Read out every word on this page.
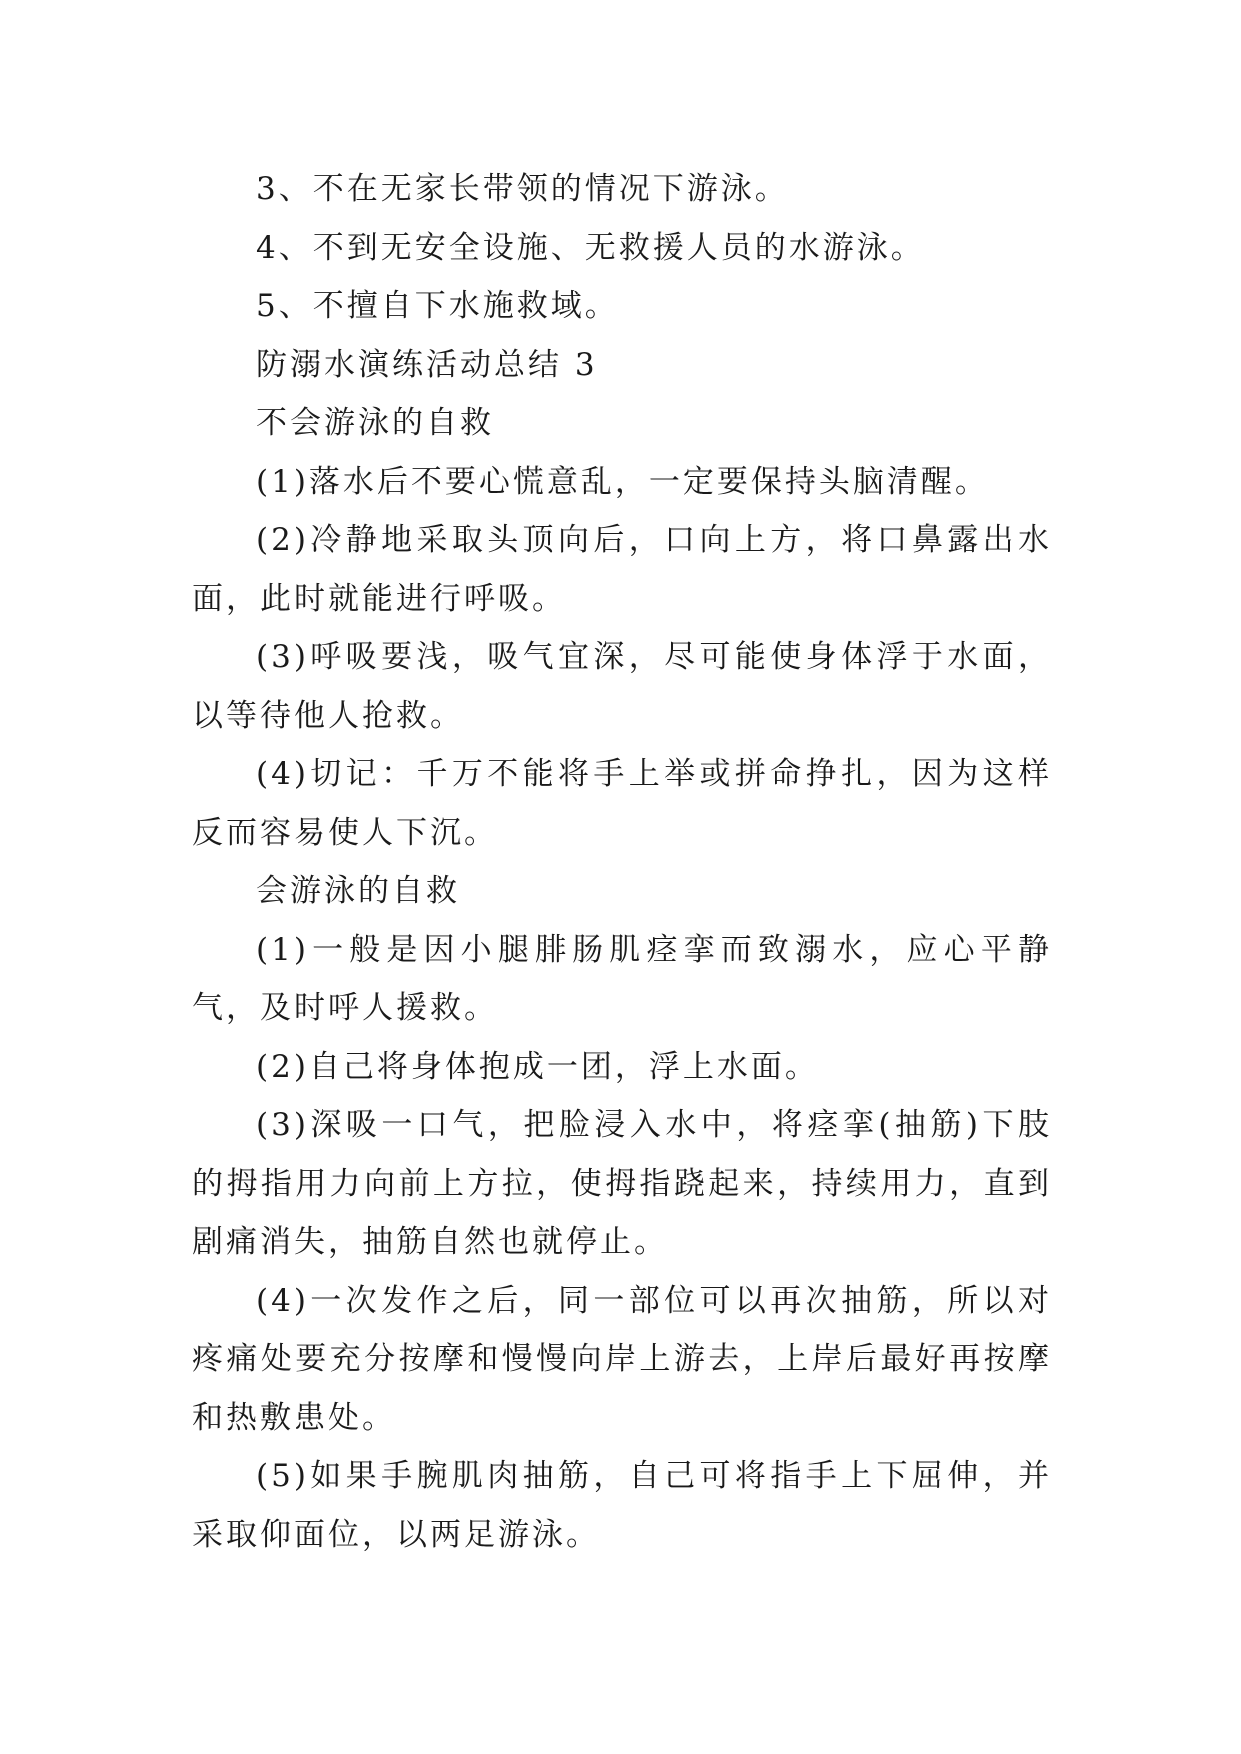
3、不在无家长带领的情况下游泳。

4、不到无安全设施、无救援人员的水游泳。

5、不擅自下水施救域。

防溺水演练活动总结 3

不会游泳的自救

(1)落水后不要心慌意乱，一定要保持头脑清醒。

(2)冷静地采取头顶向后，口向上方，将口鼻露出水面，此时就能进行呼吸。

(3)呼吸要浅，吸气宜深，尽可能使身体浮于水面，以等待他人抢救。

(4)切记：千万不能将手上举或拼命挣扎，因为这样反而容易使人下沉。

会游泳的自救

(1)一般是因小腿腓肠肌痉挛而致溺水，应心平静气，及时呼人援救。

(2)自己将身体抱成一团，浮上水面。

(3)深吸一口气，把脸浸入水中，将痉挛(抽筋)下肢的拇指用力向前上方拉，使拇指跷起来，持续用力，直到剧痛消失，抽筋自然也就停止。

(4)一次发作之后，同一部位可以再次抽筋，所以对疼痛处要充分按摩和慢慢向岸上游去，上岸后最好再按摩和热敷患处。

(5)如果手腕肌肉抽筋，自己可将指手上下屈伸，并采取仰面位，以两足游泳。
